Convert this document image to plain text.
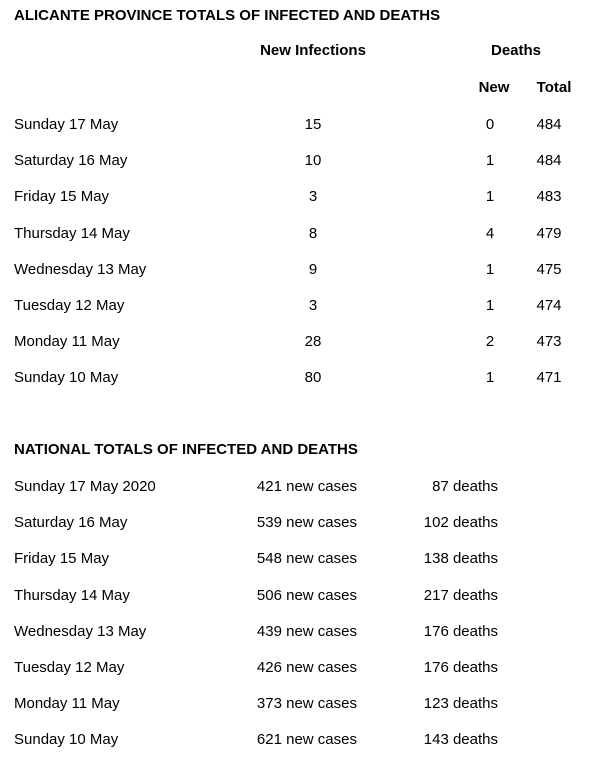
ALICANTE PROVINCE TOTALS OF INFECTED AND DEATHS
New Infections	Deaths
New Total
Sunday 17 May	15	0	484
Saturday 16 May	10	1	484
Friday 15 May	3	1	483
Thursday 14 May	8	4	479
Wednesday 13 May	9	1	475
Tuesday 12 May	3	1	474
Monday 11 May	28	2	473
Sunday 10 May	80	1	471
NATIONAL TOTALS OF INFECTED AND DEATHS
Sunday 17 May 2020	421 new cases	87 deaths
Saturday 16 May	539 new cases	102 deaths
Friday 15 May	548 new cases	138 deaths
Thursday 14 May	506 new cases	217 deaths
Wednesday 13 May	439 new cases	176 deaths
Tuesday 12 May	426 new cases	176 deaths
Monday 11 May	373 new cases	123 deaths
Sunday 10 May	621 new cases	143 deaths
